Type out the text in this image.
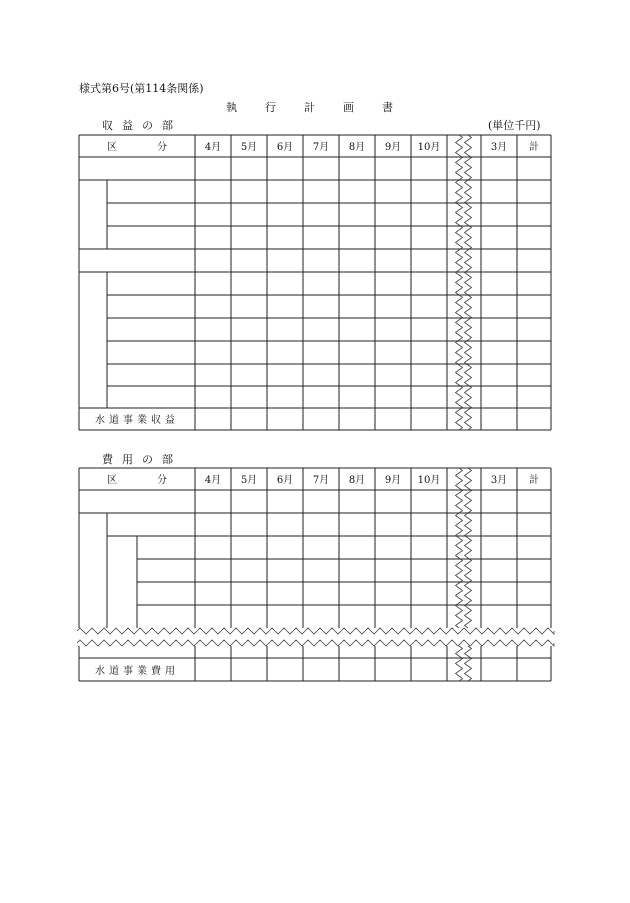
様式第6号(第114条関係)
執行計画書
収益の部	(単位千円)
区　　　　分	4月 5月 6月 7月 8月 9月 10月	3月 計
水道事業収益
費用の部
区　　　　分	4月 5月 6月 7月 8月 9月 10月	3月 計
水道事業費用
